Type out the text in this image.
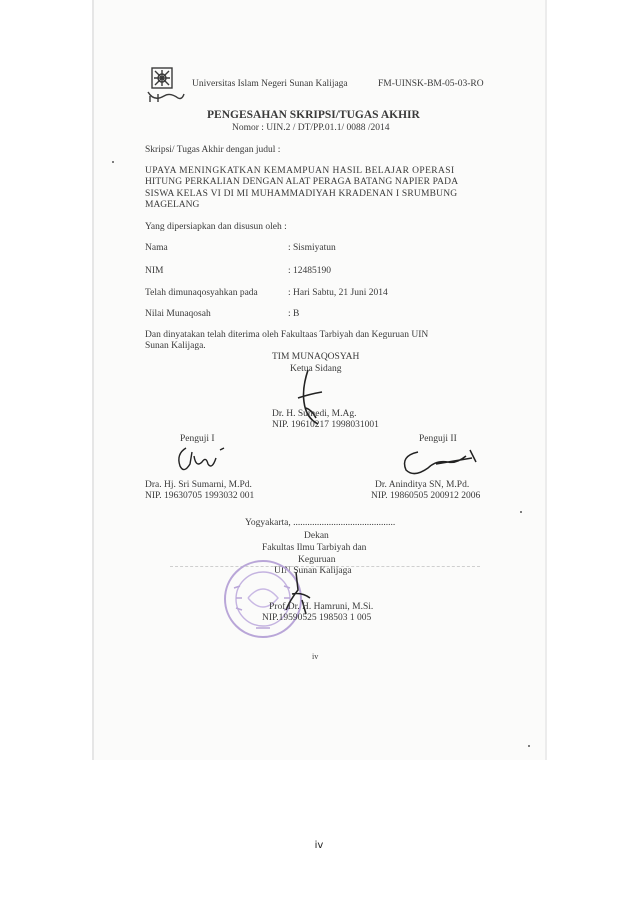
Universitas Islam Negeri Sunan Kalijaga	FM-UINSK-BM-05-03-RO
PENGESAHAN SKRIPSI/TUGAS AKHIR
Nomor : UIN.2 / DT/PP.01.1/ 0088 /2014
Skripsi/ Tugas Akhir dengan judul :
UPAYA MENINGKATKAN KEMAMPUAN HASIL BELAJAR OPERASI
HITUNG PERKALIAN DENGAN ALAT PERAGA BATANG NAPIER PADA
SISWA KELAS VI DI MI MUHAMMADIYAH KRADENAN I SRUMBUNG
MAGELANG
Yang dipersiapkan dan disusun oleh :
Nama	: Sismiyatun
NIM	: 12485190
Telah dimunaqosyahkan pada	: Hari Sabtu, 21 Juni 2014
Nilai Munaqosah	: B
Dan dinyatakan telah diterima oleh Fakultaas Tarbiyah dan Keguruan UIN
Sunan Kalijaga.
TIM MUNAQOSYAH
Ketua Sidang
Dr. H. Sumedi, M.Ag.
NIP. 19610217 1998031001
Penguji I
Dra. Hj. Sri Sumarni, M.Pd.
NIP. 19630705 1993032 001
Penguji II
Dr. Aninditya SN, M.Pd.
NIP. 19860505 200912 2006
Yogyakarta, ...........................................
Dekan
Fakultas Ilmu Tarbiyah dan
Keguruan
UIN Sunan Kalijaga
Prof.Dr. H. Hamruni, M.Si.
NIP.19590525 198503 1 005
iv
iv
